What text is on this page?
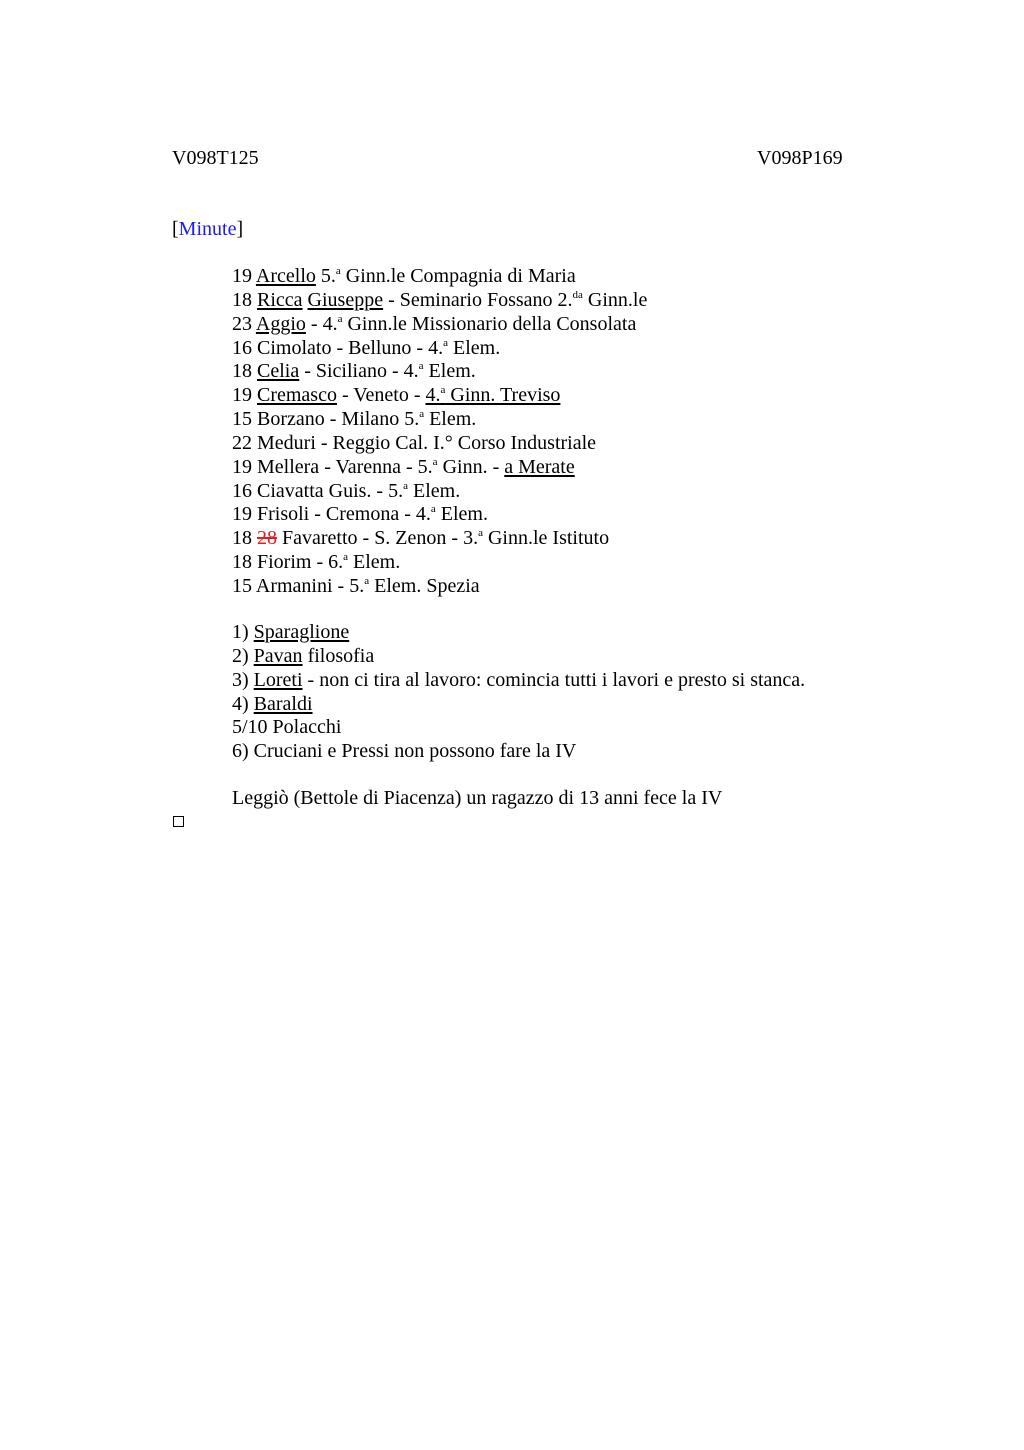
V098T125	V098P169
[Minute]
19 Arcello 5.$^a$ Ginn.le Compagnia di Maria
18 Ricca Giuseppe - Seminario Fossano 2.$^{da}$ Ginn.le
23 Aggio - 4.$^a$ Ginn.le Missionario della Consolata
16 Cimolato - Belluno - 4.$^a$ Elem.
18 Celia - Siciliano - 4.$^a$ Elem.
19 Cremasco - Veneto - 4.$^a$ Ginn. Treviso
15 Borzano - Milano 5.$^a$ Elem.
22 Meduri - Reggio Cal. I.° Corso Industriale
19 Mellera - Varenna - 5.$^a$ Ginn. - a Merate
16 Ciavatta Guis. - 5.$^a$ Elem.
19 Frisoli - Cremona - 4.$^a$ Elem.
18 28 Favaretto - S. Zenon - 3.$^a$ Ginn.le Istituto
18 Fiorim - 6.$^a$ Elem.
15 Armanini - 5.$^a$ Elem. Spezia
1) Sparaglione
2) Pavan filosofia
3) Loreti - non ci tira al lavoro: comincia tutti i lavori e presto si stanca.
4) Baraldi
5/10 Polacchi
6) Cruciani e Pressi non possono fare la IV
Leggiò (Bettole di Piacenza) un ragazzo di 13 anni fece la IV
